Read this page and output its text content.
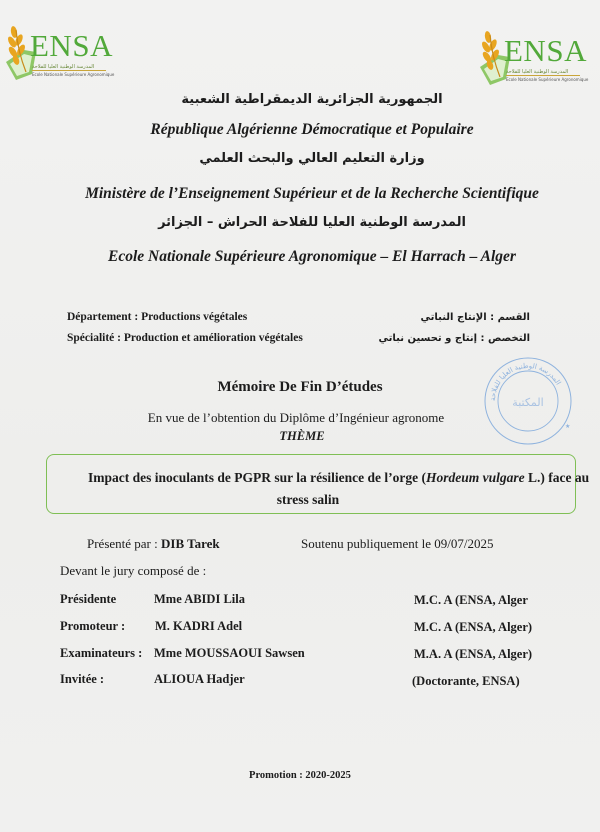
ENSA
المدرسة الوطنية العليا للفلاحة
Ecole Nationale Supérieure Agronomique
ENSA
المدرسة الوطنية العليا للفلاحة
Ecole Nationale Supérieure Agronomique
الجمهورية الجزائرية الديمقراطية الشعبية
République Algérienne Démocratique et Populaire
وزارة التعليم العالي والبحث العلمي
Ministère de l’Enseignement Supérieur et de la Recherche Scientifique
المدرسة الوطنية العليا للفلاحة الحراش – الجزائر
Ecole Nationale Supérieure Agronomique – El Harrach – Alger
Département : Productions végétales
Spécialité : Production et amélioration végétales
القسم : الإنتاج النباتي
التخصص : إنتاج و تحسين نباتي
Mémoire De Fin D’études
En vue de l’obtention du Diplôme d’Ingénieur agronome
THÈME
المدرسة الوطنية العليا للفلاحة
المكتبة
★
Impact des inoculants de PGPR sur la résilience de l’orge (Hordeum vulgare L.) face au
stress salin
Présenté par : DIB Tarek	Soutenu publiquement le 09/07/2025
Devant le jury composé de :
Présidente	Mme ABIDI Lila	M.C. A (ENSA, Alger
Promoteur : M. KADRI Adel	M.C. A (ENSA, Alger)
Examinateurs : Mme MOUSSAOUI Sawsen	M.A. A (ENSA, Alger)
Invitée :	ALIOUA Hadjer	(Doctorante, ENSA)
Promotion : 2020-2025
